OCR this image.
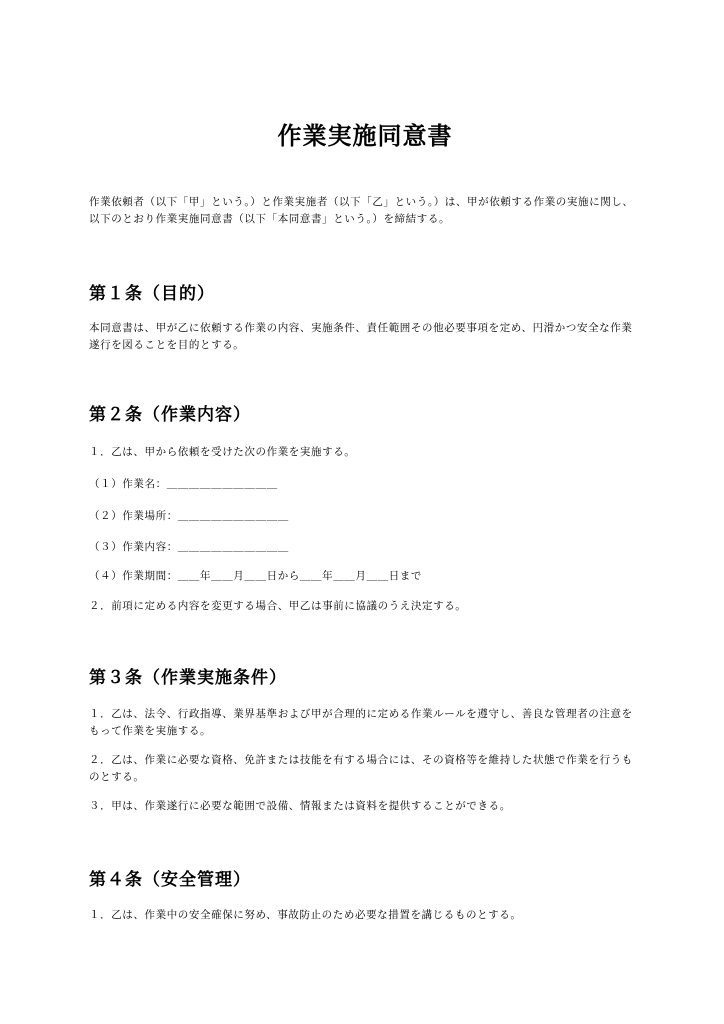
作業実施同意書

作業依頼者（以下「甲」という。）と作業実施者（以下「乙」という。）は、甲が依頼する作業の実施に関し、以下のとおり作業実施同意書（以下「本同意書」という。）を締結する。

第１条（目的）

本同意書は、甲が乙に依頼する作業の内容、実施条件、責任範囲その他必要事項を定め、円滑かつ安全な作業遂行を図ることを目的とする。

第２条（作業内容）

１．乙は、甲から依頼を受けた次の作業を実施する。

（１）作業名：＿＿＿＿＿＿＿＿＿＿

（２）作業場所：＿＿＿＿＿＿＿＿＿＿

（３）作業内容：＿＿＿＿＿＿＿＿＿＿

（４）作業期間：＿＿年＿＿月＿＿日から＿＿年＿＿月＿＿日まで

２．前項に定める内容を変更する場合、甲乙は事前に協議のうえ決定する。

第３条（作業実施条件）

１．乙は、法令、行政指導、業界基準および甲が合理的に定める作業ルールを遵守し、善良な管理者の注意をもって作業を実施する。

２．乙は、作業に必要な資格、免許または技能を有する場合には、その資格等を維持した状態で作業を行うものとする。

３．甲は、作業遂行に必要な範囲で設備、情報または資料を提供することができる。

第４条（安全管理）

１．乙は、作業中の安全確保に努め、事故防止のため必要な措置を講じるものとする。
